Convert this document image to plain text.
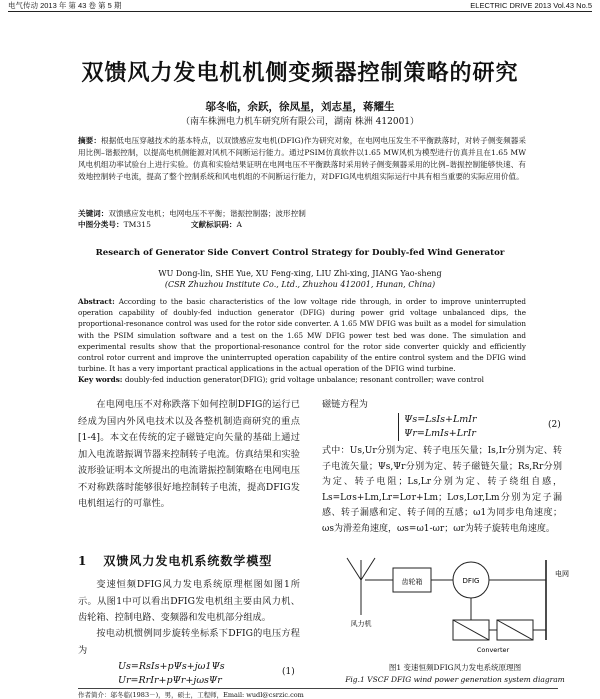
电气传动 2013 年 第 43 卷 第 5 期	ELECTRIC DRIVE 2013 Vol.43 No.5
双馈风力发电机机侧变频器控制策略的研究
邬冬临，余跃，徐凤星，刘志星，蒋耀生
（南车株洲电力机车研究所有限公司，湖南 株洲 412001）
摘要：根据低电压穿越技术的基本特点，以双馈感应发电机(DFIG)作为研究对象，在电网电压发生不平衡跌落时，对转子侧变频器采用比例–谐振控制，以提高电机侧能源对风机不间断运行能力。通过PSIM仿真软件以1.65 MW风机为模型进行仿真并且在1.65 MW风电机组功率试验台上进行实验。仿真和实验结果证明在电网电压不平衡跌落时采用转子侧变频器采用的比例–谐振控制能够快速、有效地控制转子电流，提高了整个控制系统和风电机组的不间断运行能力，对DFIG风电机组实际运行中具有相当重要的实际应用价值。
关键词：双馈感应发电机；电网电压不平衡；谐振控制器；波形控制
中图分类号：TM315	文献标识码：A
Research of Generator Side Convert Control Strategy for Doubly-fed Wind Generator
WU Dong-lin, SHE Yue, XU Feng-xing, LIU Zhi-xing, JIANG Yao-sheng
(CSR Zhuzhou Institute Co., Ltd., Zhuzhou 412001, Hunan, China)
Abstract: According to the basic characteristics of the low voltage ride through, in order to improve uninterrupted operation capability of doubly-fed induction generator (DFIG) during power grid voltage unbalanced dips, the proportional-resonance control was used for the rotor side converter. A 1.65 MW DFIG was built as a model for simulation with the PSIM simulation software and a test on the 1.65 MW DFIG power test bed was done. The simulation and experimental results show that the proportional-resonance control for the rotor side converter quickly and efficiently control rotor current and improve the uninterrupted operation capability of the entire control system and the DFIG wind turbine. It has a very important practical applications in the actual operation of the DFIG wind turbine.
Key words: doubly-fed induction generator(DFIG); grid voltage unbalance; resonant controller; wave control
在电网电压不对称跌落下如何控制DFIG的运行已经成为国内外风电技术以及各整机制造商研究的重点[1-4]。本文在传统的定子磁链定向矢量的基础上通过加入电流谐振调节器来控制转子电流。仿真结果和实验波形验证明本文所提出的电流谐振控制策略在电网电压不对称跌落时能够很好地控制转子电流，提高DFIG发电机组运行的可靠性。
1 双馈风力发电机系统数学模型
变速恒频DFIG风力发电系统原理框图如图1所示。从图1中可以看出DFIG发电机组主要由风力机、齿轮箱、控制电路、变频器和发电机部分组成。
按电动机惯例同步旋转坐标系下DFIG的电压方程为
Us=RsIs+pΨs+jω1Ψs
Ur=RrIr+pΨr+jωsΨr
(1)
磁链方程为
Ψs=LsIs+LmIr
Ψr=LmIs+LrIr
(2)
式中：Us,Ur分别为定、转子电压矢量；Is,Ir分别为定、转子电流矢量；Ψs,Ψr分别为定、转子磁链矢量；Rs,Rr分别为定、转子电阻；Ls,Lr分别为定、转子绕组自感，Ls=Lσs+Lm,Lr=Lσr+Lm；Lσs,Lσr,Lm分别为定子漏感、转子漏感和定、转子间的互感；ω1为同步电角速度；ωs为滑差角速度，ωs=ω1-ωr；ωr为转子旋转电角速度。
齿轮箱	DFIG
风力机
电网
Converter
图1 变速恒频DFIG风力发电系统原理图
Fig.1 VSCF DFIG wind power generation system diagram
作者简介：邬冬临(1983－)，男，硕士，工程师，Email: wudl@csrzic.com
